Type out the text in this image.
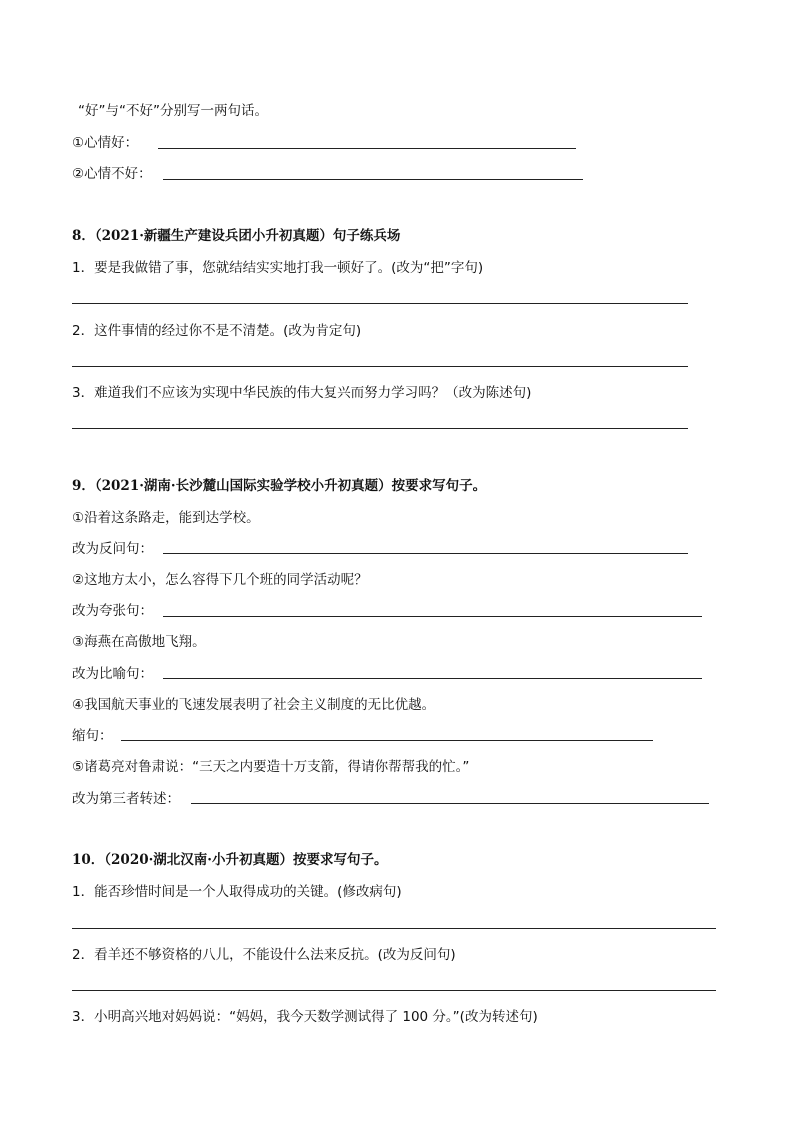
“好”与“不好”分别写一两句话。
①心情好：
②心情不好：
8．（2021·新疆生产建设兵团小升初真题）句子练兵场
1．要是我做错了事，您就结结实实地打我一顿好了。(改为“把”字句)
2．这件事情的经过你不是不清楚。(改为肯定句)
3．难道我们不应该为实现中华民族的伟大复兴而努力学习吗？（改为陈述句)
9．（2021·湖南·长沙麓山国际实验学校小升初真题）按要求写句子。
①沿着这条路走，能到达学校。
改为反问句：
②这地方太小，怎么容得下几个班的同学活动呢？
改为夸张句：
③海燕在高傲地飞翔。
改为比喻句：
④我国航天事业的飞速发展表明了社会主义制度的无比优越。
缩句：
⑤诸葛亮对鲁肃说：“三天之内要造十万支箭，得请你帮帮我的忙。”
改为第三者转述：
10．（2020·湖北汉南·小升初真题）按要求写句子。
1．能否珍惜时间是一个人取得成功的关键。(修改病句)
2．看羊还不够资格的八儿，不能设什么法来反抗。(改为反问句)
3．小明高兴地对妈妈说：“妈妈，我今天数学测试得了 100 分。”(改为转述句)
